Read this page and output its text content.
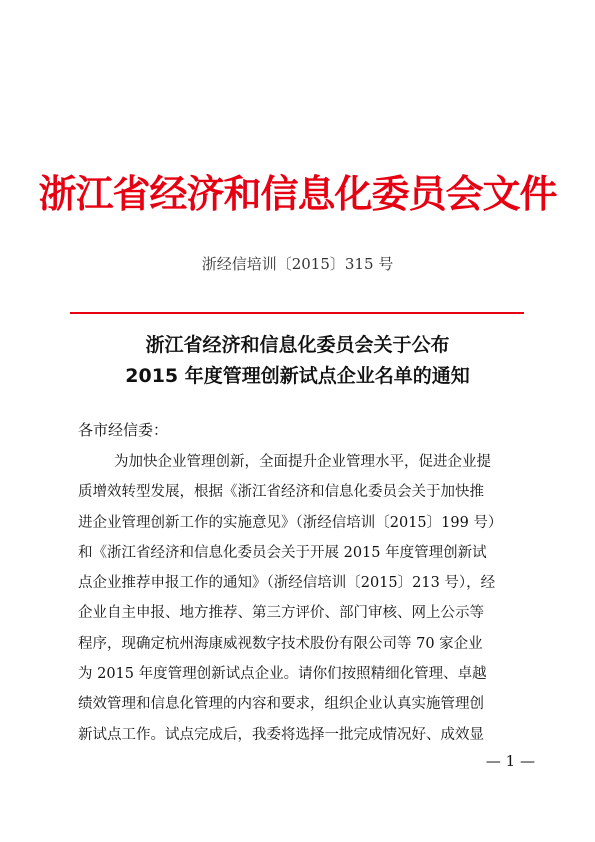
浙江省经济和信息化委员会文件
浙经信培训〔2015〕315 号
浙江省经济和信息化委员会关于公布
2015 年度管理创新试点企业名单的通知
各市经信委：
为加快企业管理创新，全面提升企业管理水平，促进企业提
质增效转型发展，根据《浙江省经济和信息化委员会关于加快推
进企业管理创新工作的实施意见》（浙经信培训〔2015〕199 号）
和《浙江省经济和信息化委员会关于开展 2015 年度管理创新试
点企业推荐申报工作的通知》（浙经信培训〔2015〕213 号），经
企业自主申报、地方推荐、第三方评价、部门审核、网上公示等
程序，现确定杭州海康威视数字技术股份有限公司等 70 家企业
为 2015 年度管理创新试点企业。请你们按照精细化管理、卓越
绩效管理和信息化管理的内容和要求，组织企业认真实施管理创
新试点工作。试点完成后，我委将选择一批完成情况好、成效显
— 1 —
